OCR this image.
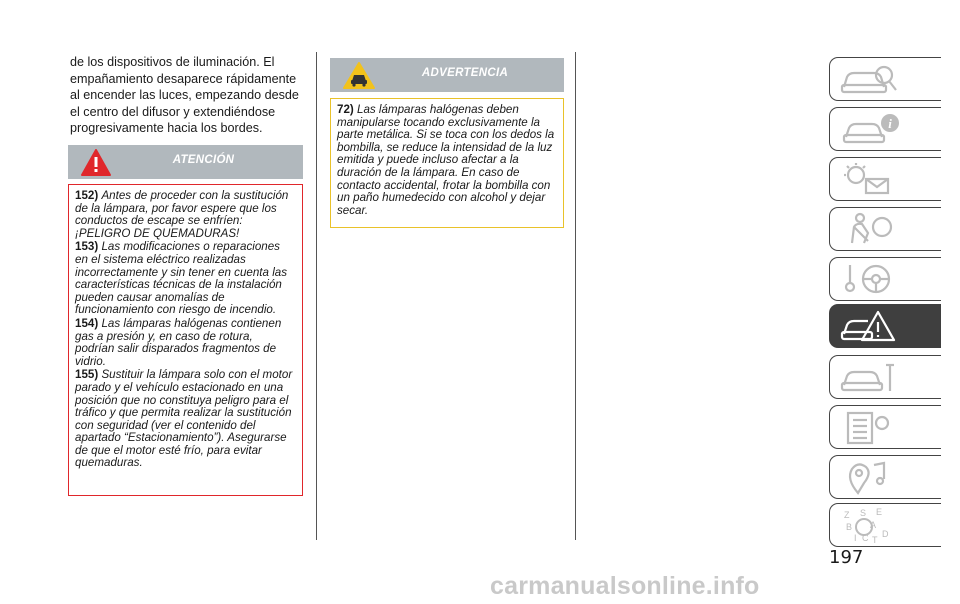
de los dispositivos de iluminación. El empañamiento desaparece rápidamente al encender las luces, empezando desde el centro del difusor y extendiéndose progresivamente hacia los bordes.
ATENCIÓN
152) Antes de proceder con la sustitución de la lámpara, por favor espere que los conductos de escape se enfríen: ¡PELIGRO DE QUEMADURAS!
153) Las modificaciones o reparaciones en el sistema eléctrico realizadas incorrectamente y sin tener en cuenta las características técnicas de la instalación pueden causar anomalías de funcionamiento con riesgo de incendio.
154) Las lámparas halógenas contienen gas a presión y, en caso de rotura, podrían salir disparados fragmentos de vidrio.
155) Sustituir la lámpara solo con el motor parado y el vehículo estacionado en una posición que no constituya peligro para el tráfico y que permita realizar la sustitución con seguridad (ver el contenido del apartado “Estacionamiento”). Asegurarse de que el motor esté frío, para evitar quemaduras.
ADVERTENCIA
72) Las lámparas halógenas deben manipularse tocando exclusivamente la parte metálica. Si se toca con los dedos la bombilla, se reduce la intensidad de la luz emitida y puede incluso afectar a la duración de la lámpara. En caso de contacto accidental, frotar la bombilla con un paño humedecido con alcohol y dejar secar.
i
Z S E
B A
I C T
D
197
carmanualsonline.info
